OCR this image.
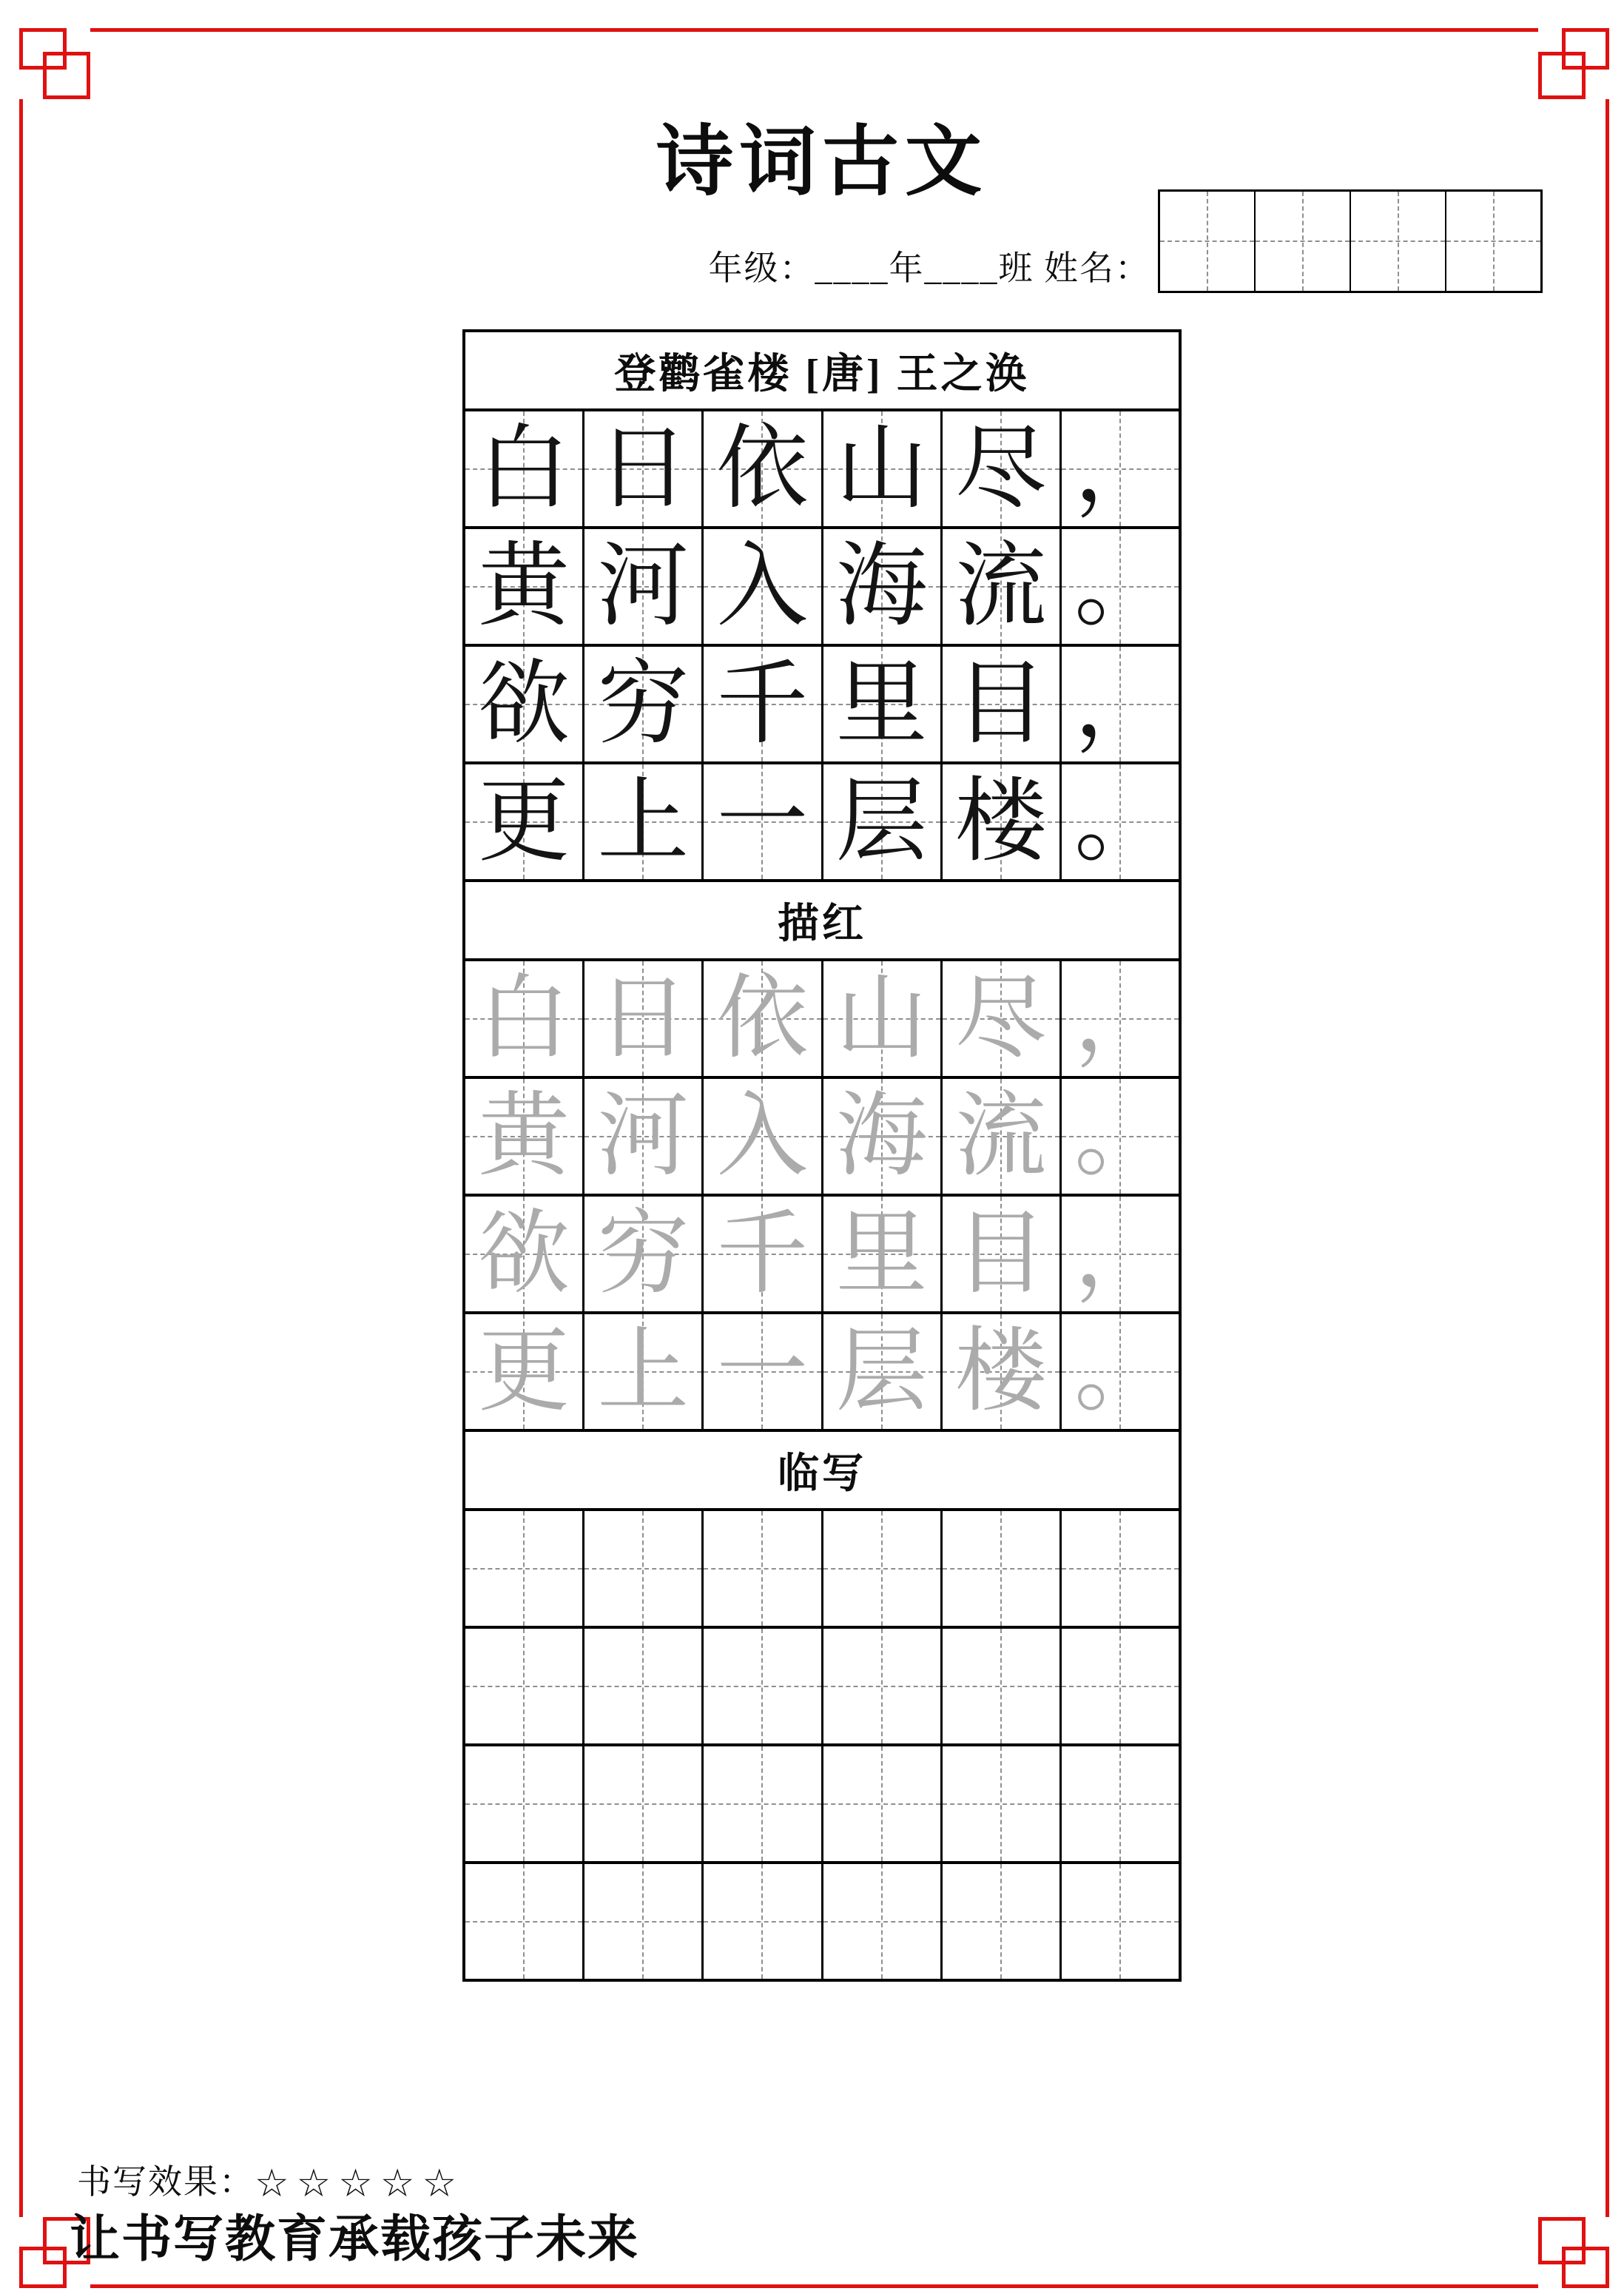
诗词古文
年级：____年____班 姓名：
登鹳雀楼 [唐] 王之涣
白 日 依 山 尽 ，
黄 河 入 海 流 。
欲 穷 千 里 目 ，
更 上 一 层 楼 。
描红
白 日 依 山 尽 ，
黄 河 入 海 流 。
欲 穷 千 里 目 ，
更 上 一 层 楼 。
临写
书写效果：☆☆☆☆☆
让书写教育承载孩子未来
